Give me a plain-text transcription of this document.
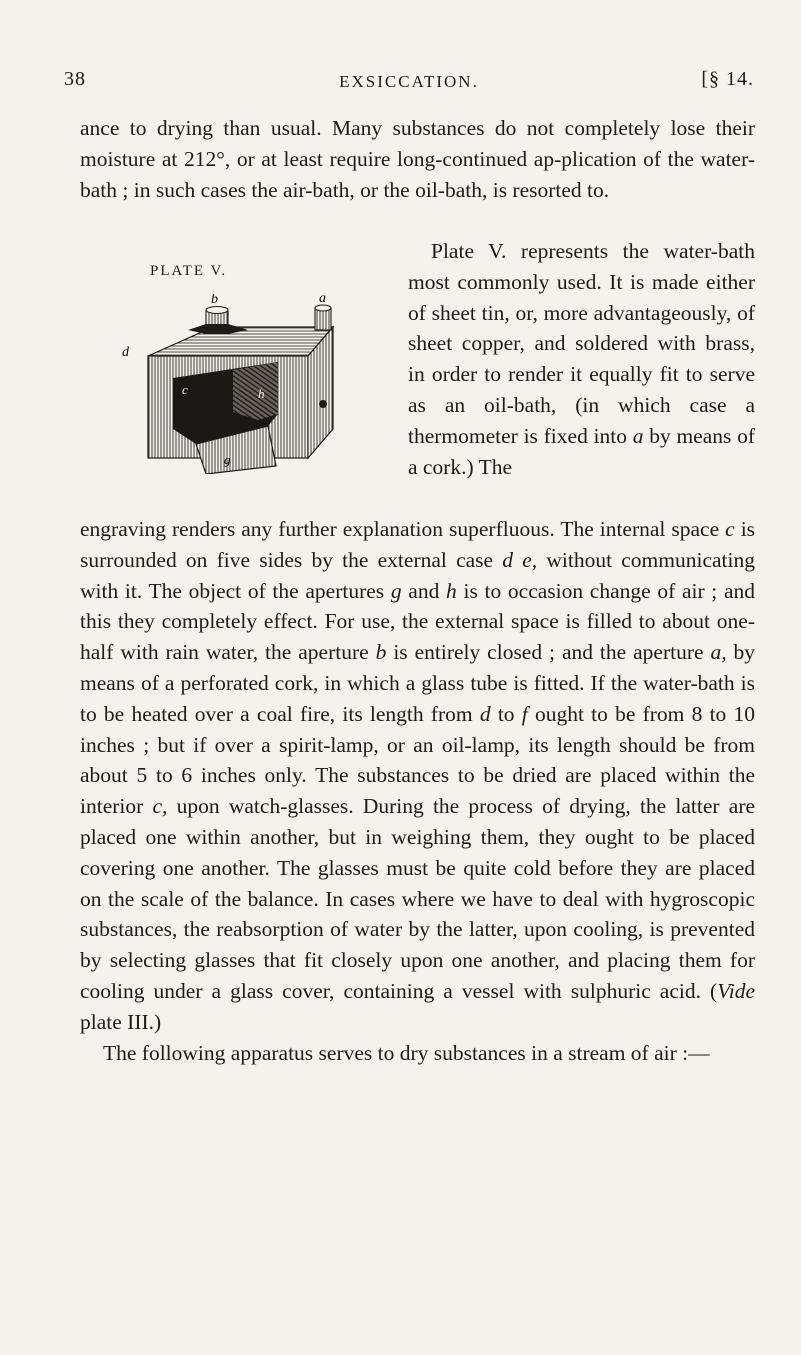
38	EXSICCATION.	[§ 14.

ance to drying than usual. Many substances do not completely lose their moisture at 212°, or at least require long-continued ap-plication of the water-bath ; in such cases the air-bath, or the oil-bath, is resorted to.

PLATE V.
b	a
d
c	h
g

Plate V. represents the water-bath most commonly used. It is made either of sheet tin, or, more advantageously, of sheet copper, and soldered with brass, in order to render it equally fit to serve as an oil-bath, (in which case a thermometer is fixed into a by means of a cork.) The

engraving renders any further explanation superfluous. The internal space c is surrounded on five sides by the external case d e, without communicating with it. The object of the apertures g and h is to occasion change of air ; and this they completely effect. For use, the external space is filled to about one-half with rain water, the aperture b is entirely closed ; and the aperture a, by means of a perforated cork, in which a glass tube is fitted. If the water-bath is to be heated over a coal fire, its length from d to f ought to be from 8 to 10 inches ; but if over a spirit-lamp, or an oil-lamp, its length should be from about 5 to 6 inches only. The substances to be dried are placed within the interior c, upon watch-glasses. During the process of drying, the latter are placed one within another, but in weighing them, they ought to be placed covering one another. The glasses must be quite cold before they are placed on the scale of the balance. In cases where we have to deal with hygroscopic substances, the reabsorption of water by the latter, upon cooling, is prevented by selecting glasses that fit closely upon one another, and placing them for cooling under a glass cover, containing a vessel with sulphuric acid. (Vide plate III.)

The following apparatus serves to dry substances in a stream of air :—
